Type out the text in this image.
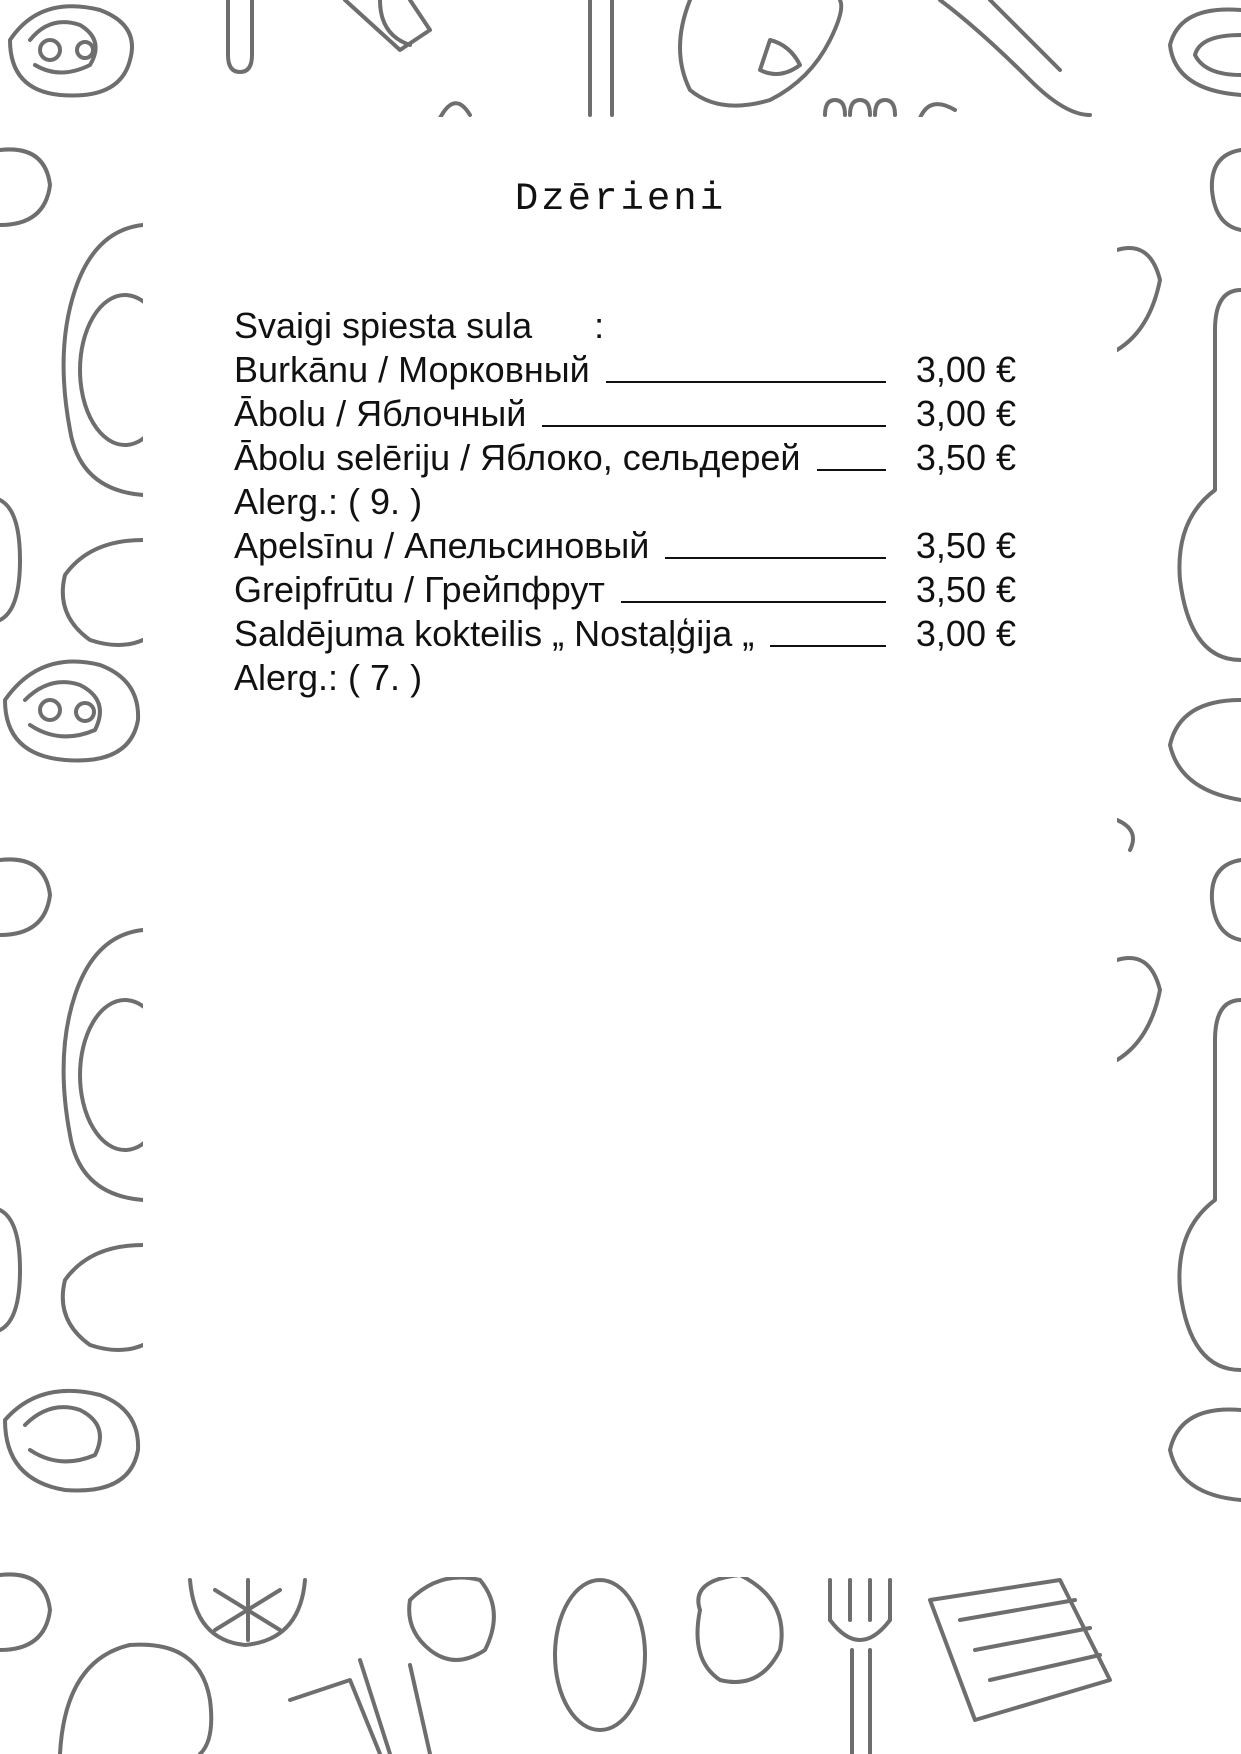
Dzērieni
Svaigi spiesta sula :
Burkānu / Морковный	3,00 €
Ābolu / Яблочный	3,00 €
Ābolu selēriju / Яблоко, сельдерей	3,50 €
Alerg.: ( 9. )
Apelsīnu / Апельсиновый	3,50 €
Greipfrūtu / Грейпфрут	3,50 €
Saldējuma kokteilis „ Nostaļģija „	3,00 €
Alerg.: ( 7. )
